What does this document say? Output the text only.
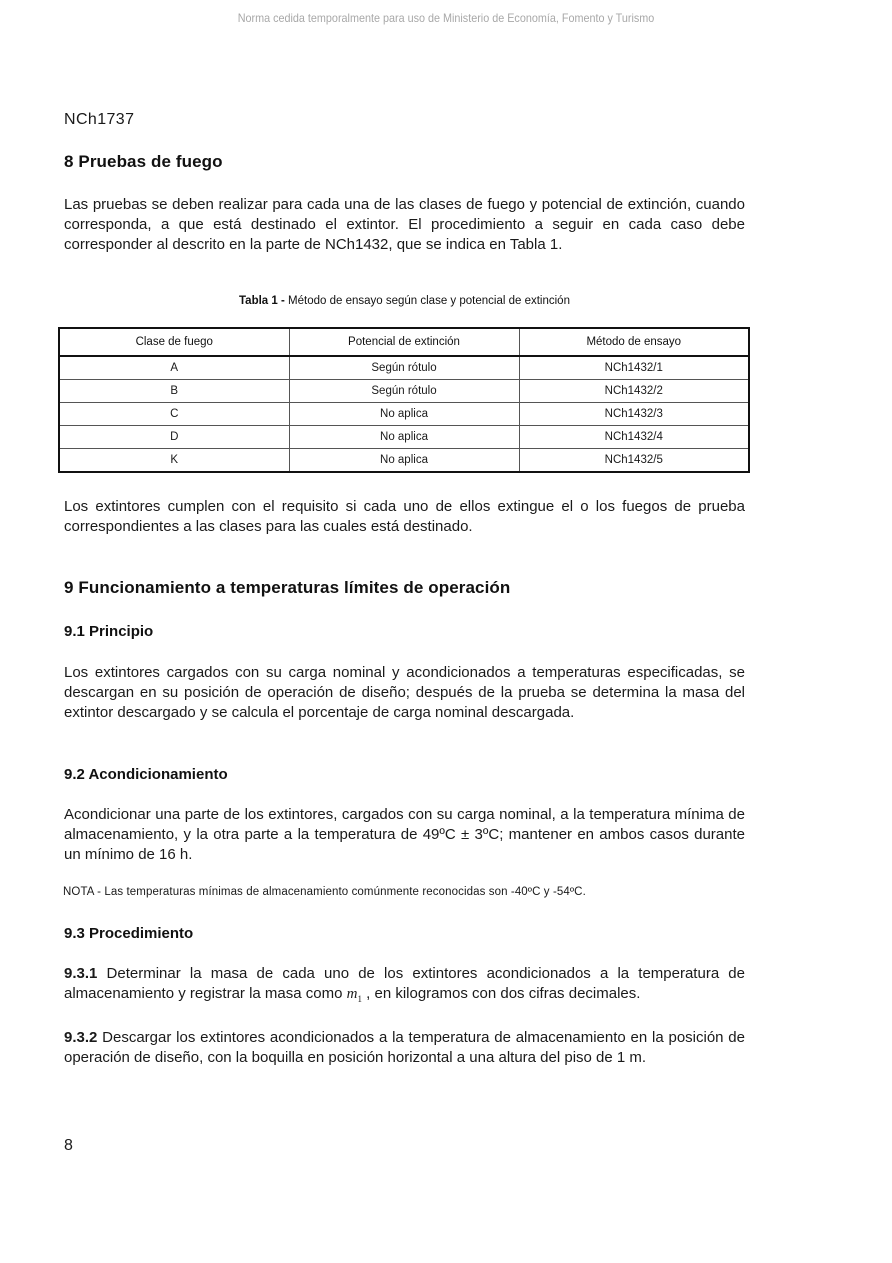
Norma cedida temporalmente para uso de Ministerio de Economía, Fomento y Turismo
NCh1737
8 Pruebas de fuego
Las pruebas se deben realizar para cada una de las clases de fuego y potencial de extinción, cuando corresponda, a que está destinado el extintor. El procedimiento a seguir en cada caso debe corresponder al descrito en la parte de NCh1432, que se indica en Tabla 1.
Tabla 1 - Método de ensayo según clase y potencial de extinción
Clase de fuego	Potencial de extinción	Método de ensayo
A	Según rótulo	NCh1432/1
B	Según rótulo	NCh1432/2
C	No aplica	NCh1432/3
D	No aplica	NCh1432/4
K	No aplica	NCh1432/5
Los extintores cumplen con el requisito si cada uno de ellos extingue el o los fuegos de prueba correspondientes a las clases para las cuales está destinado.
9 Funcionamiento a temperaturas límites de operación
9.1 Principio
Los extintores cargados con su carga nominal y acondicionados a temperaturas especificadas, se descargan en su posición de operación de diseño; después de la prueba se determina la masa del extintor descargado y se calcula el porcentaje de carga nominal descargada.
9.2 Acondicionamiento
Acondicionar una parte de los extintores, cargados con su carga nominal, a la temperatura mínima de almacenamiento, y la otra parte a la temperatura de 49ºC ± 3ºC; mantener en ambos casos durante un mínimo de 16 h.
NOTA - Las temperaturas mínimas de almacenamiento comúnmente reconocidas son -40ºC y -54ºC.
9.3 Procedimiento
9.3.1 Determinar la masa de cada uno de los extintores acondicionados a la temperatura de almacenamiento y registrar la masa como $m_1$ , en kilogramos con dos cifras decimales.
9.3.2 Descargar los extintores acondicionados a la temperatura de almacenamiento en la posición de operación de diseño, con la boquilla en posición horizontal a una altura del piso de 1 m.
8
